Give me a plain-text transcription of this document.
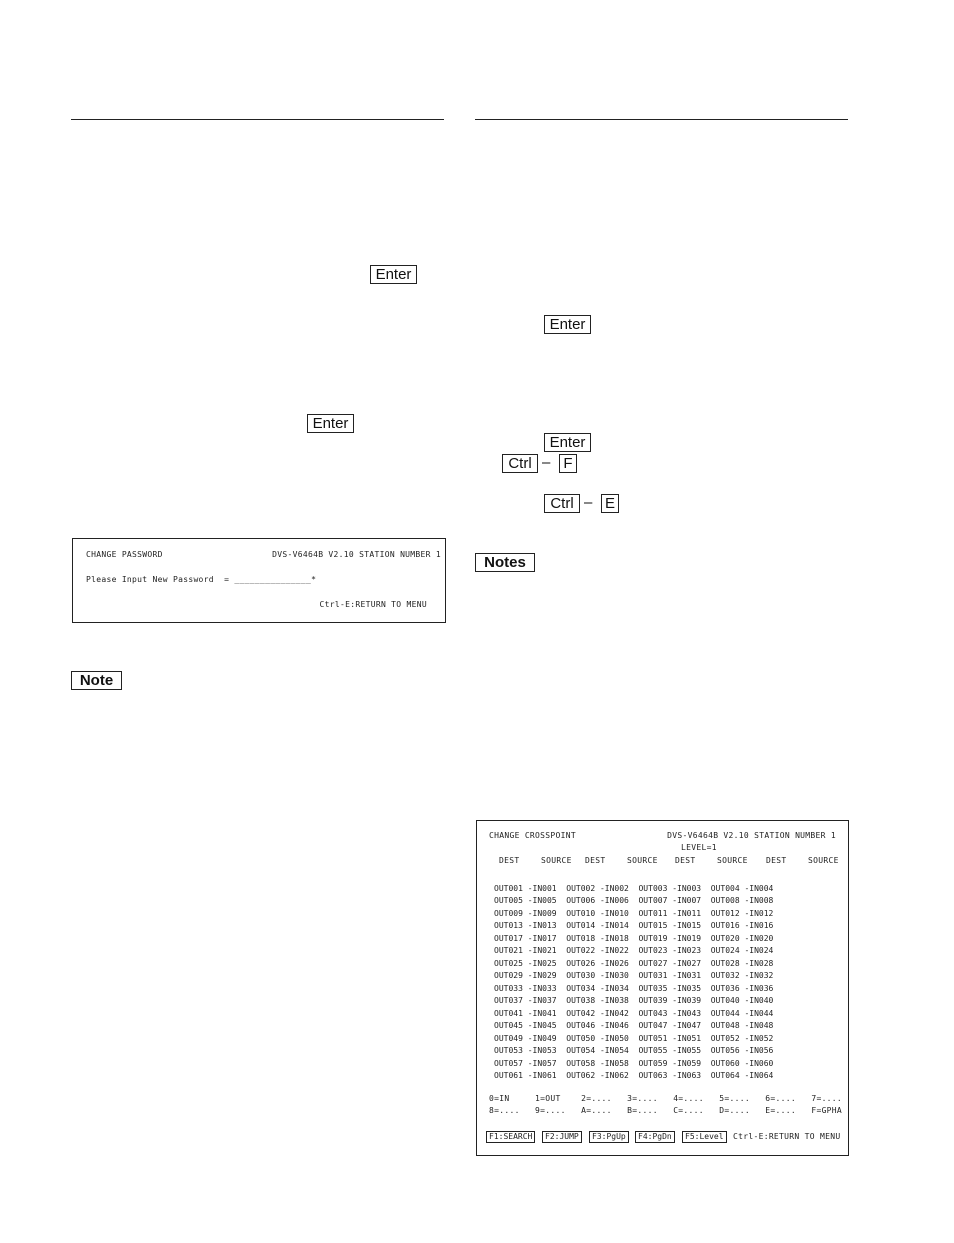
Enter
Enter
Enter
Enter
Ctrl – F
Ctrl – E
Notes
Note
CHANGE PASSWORD	DVS-V6464B V2.10 STATION NUMBER 1
Please Input New Password  = _______________*
Ctrl-E:RETURN TO MENU
CHANGE CROSSPOINT	DVS-V6464B V2.10 STATION NUMBER 1
LEVEL=1
DEST	SOURCE DEST	SOURCE DEST	SOURCE DEST	SOURCE
OUT001 -IN001  OUT002 -IN002  OUT003 -IN003  OUT004 -IN004
OUT005 -IN005  OUT006 -IN006  OUT007 -IN007  OUT008 -IN008
OUT009 -IN009  OUT010 -IN010  OUT011 -IN011  OUT012 -IN012
OUT013 -IN013  OUT014 -IN014  OUT015 -IN015  OUT016 -IN016
OUT017 -IN017  OUT018 -IN018  OUT019 -IN019  OUT020 -IN020
OUT021 -IN021  OUT022 -IN022  OUT023 -IN023  OUT024 -IN024
OUT025 -IN025  OUT026 -IN026  OUT027 -IN027  OUT028 -IN028
OUT029 -IN029  OUT030 -IN030  OUT031 -IN031  OUT032 -IN032
OUT033 -IN033  OUT034 -IN034  OUT035 -IN035  OUT036 -IN036
OUT037 -IN037  OUT038 -IN038  OUT039 -IN039  OUT040 -IN040
OUT041 -IN041  OUT042 -IN042  OUT043 -IN043  OUT044 -IN044
OUT045 -IN045  OUT046 -IN046  OUT047 -IN047  OUT048 -IN048
OUT049 -IN049  OUT050 -IN050  OUT051 -IN051  OUT052 -IN052
OUT053 -IN053  OUT054 -IN054  OUT055 -IN055  OUT056 -IN056
OUT057 -IN057  OUT058 -IN058  OUT059 -IN059  OUT060 -IN060
OUT061 -IN061  OUT062 -IN062  OUT063 -IN063  OUT064 -IN064
0=IN     1=OUT    2=....   3=....   4=....   5=....   6=....   7=....
8=....   9=....   A=....   B=....   C=....   D=....   E=....   F=GPHA
F1:SEARCH	F2:JUMP	F3:PgUp	F4:PgDn	F5:Level	Ctrl-E:RETURN TO MENU
